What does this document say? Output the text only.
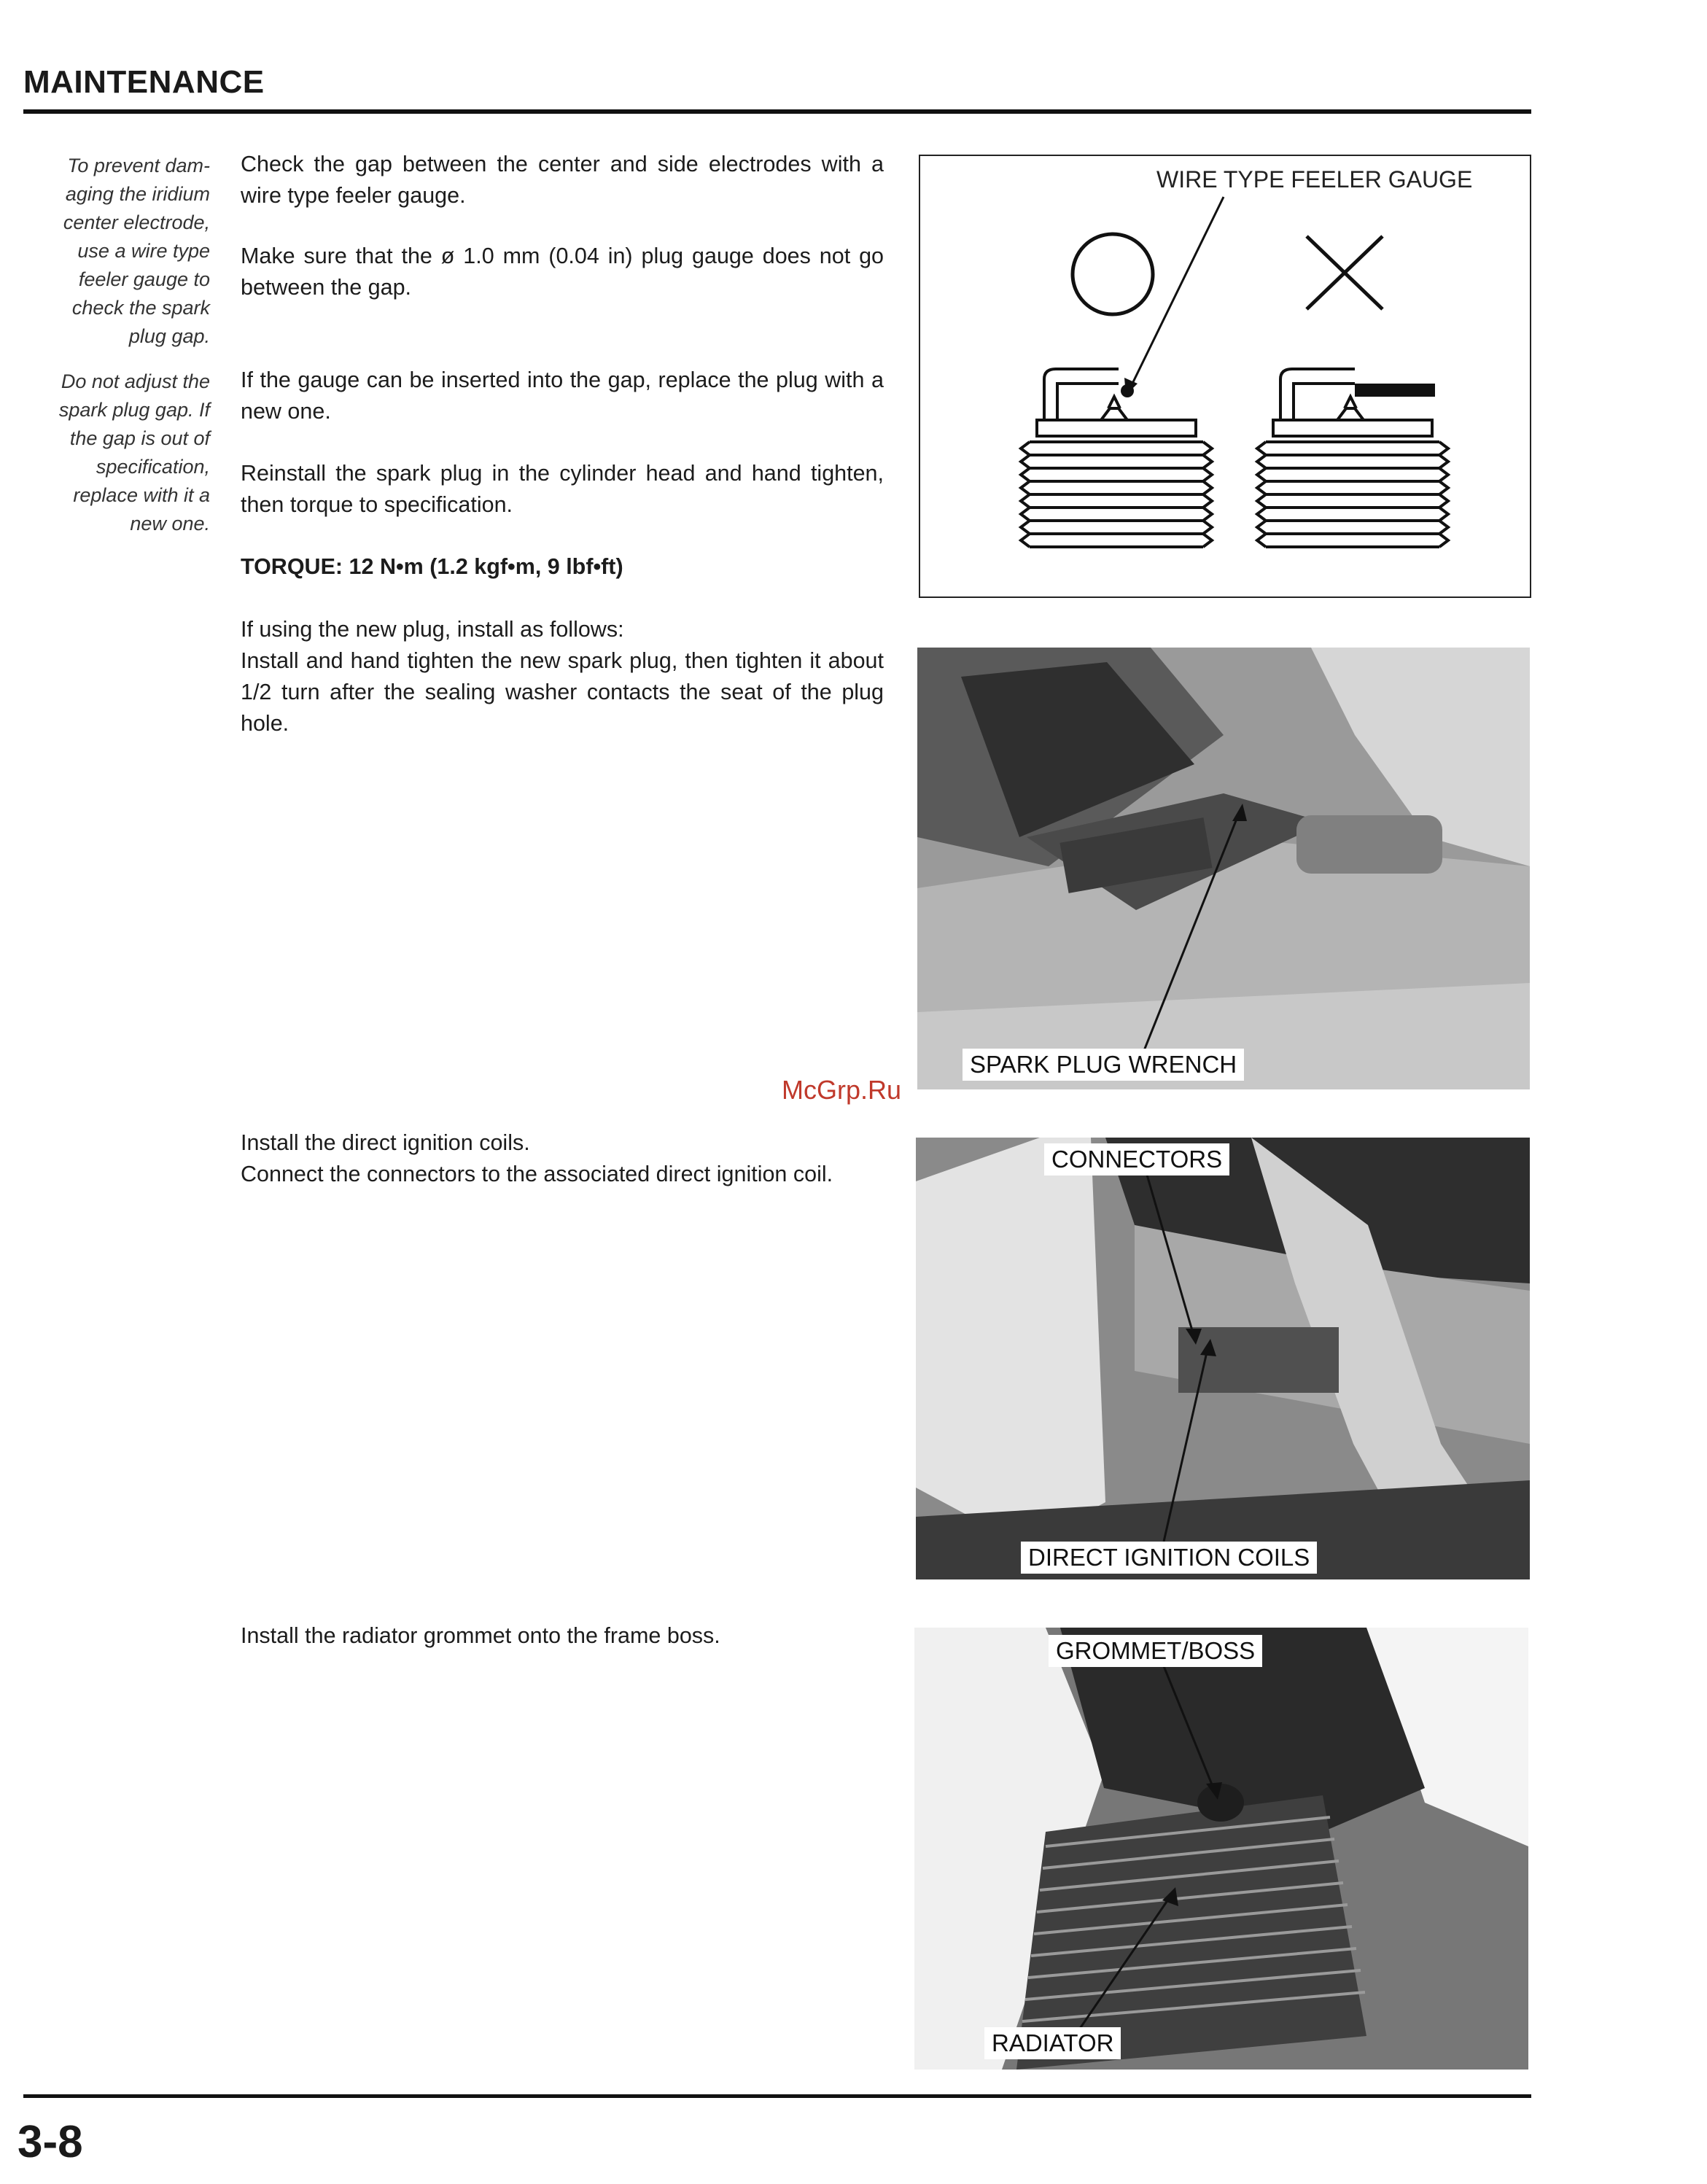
MAINTENANCE
To prevent dam-
aging the iridium
center electrode,
use a wire type
feeler gauge to
check the spark
plug gap.
Do not adjust the
spark plug gap. If
the gap is out of
specification,
replace with it a
new one.

Check the gap between the center and side electrodes with a wire type feeler gauge.

Make sure that the ø 1.0 mm (0.04 in) plug gauge does not go between the gap.

If the gauge can be inserted into the gap, replace the plug with a new one.

Reinstall the spark plug in the cylinder head and hand tighten, then torque to specification.

TORQUE: 12 N•m (1.2 kgf•m, 9 lbf•ft)

If using the new plug, install as follows:

Install and hand tighten the new spark plug, then tighten it about 1/2 turn after the sealing washer contacts the seat of the plug hole.

Install the direct ignition coils.

Connect the connectors to the associated direct ignition coil.

Install the radiator grommet onto the frame boss.

WIRE TYPE FEELER GAUGE
SPARK PLUG WRENCH
CONNECTORS
DIRECT IGNITION COILS
GROMMET/BOSS
RADIATOR
McGrp.Ru
3-8
